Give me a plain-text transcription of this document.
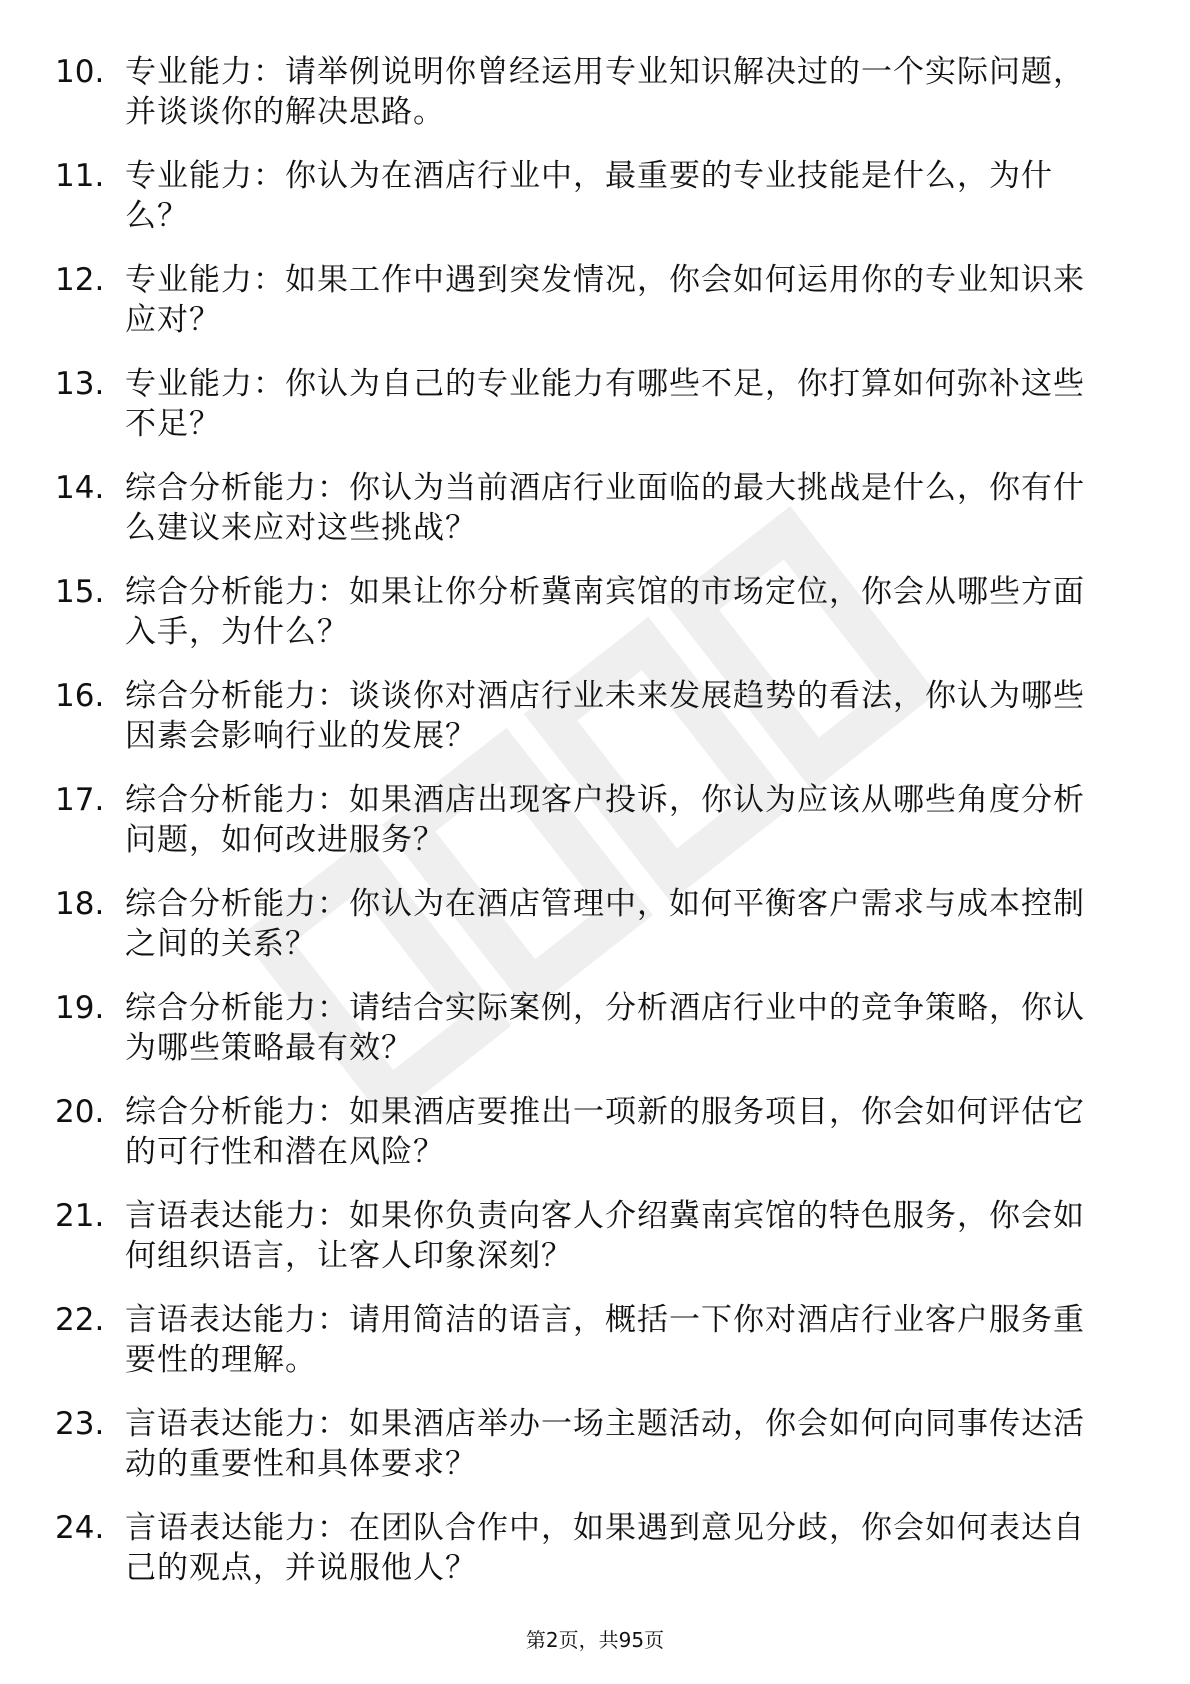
10. 专业能力：请举例说明你曾经运用专业知识解决过的一个实际问题，并谈谈你的解决思路。
11. 专业能力：你认为在酒店行业中，最重要的专业技能是什么，为什么？
12. 专业能力：如果工作中遇到突发情况，你会如何运用你的专业知识来应对？
13. 专业能力：你认为自己的专业能力有哪些不足，你打算如何弥补这些不足？
14. 综合分析能力：你认为当前酒店行业面临的最大挑战是什么，你有什么建议来应对这些挑战？
15. 综合分析能力：如果让你分析冀南宾馆的市场定位，你会从哪些方面入手，为什么？
16. 综合分析能力：谈谈你对酒店行业未来发展趋势的看法，你认为哪些因素会影响行业的发展？
17. 综合分析能力：如果酒店出现客户投诉，你认为应该从哪些角度分析问题，如何改进服务？
18. 综合分析能力：你认为在酒店管理中，如何平衡客户需求与成本控制之间的关系？
19. 综合分析能力：请结合实际案例，分析酒店行业中的竞争策略，你认为哪些策略最有效？
20. 综合分析能力：如果酒店要推出一项新的服务项目，你会如何评估它的可行性和潜在风险？
21. 言语表达能力：如果你负责向客人介绍冀南宾馆的特色服务，你会如何组织语言，让客人印象深刻？
22. 言语表达能力：请用简洁的语言，概括一下你对酒店行业客户服务重要性的理解。
23. 言语表达能力：如果酒店举办一场主题活动，你会如何向同事传达活动的重要性和具体要求？
24. 言语表达能力：在团队合作中，如果遇到意见分歧，你会如何表达自己的观点，并说服他人？
第2页，共95页
